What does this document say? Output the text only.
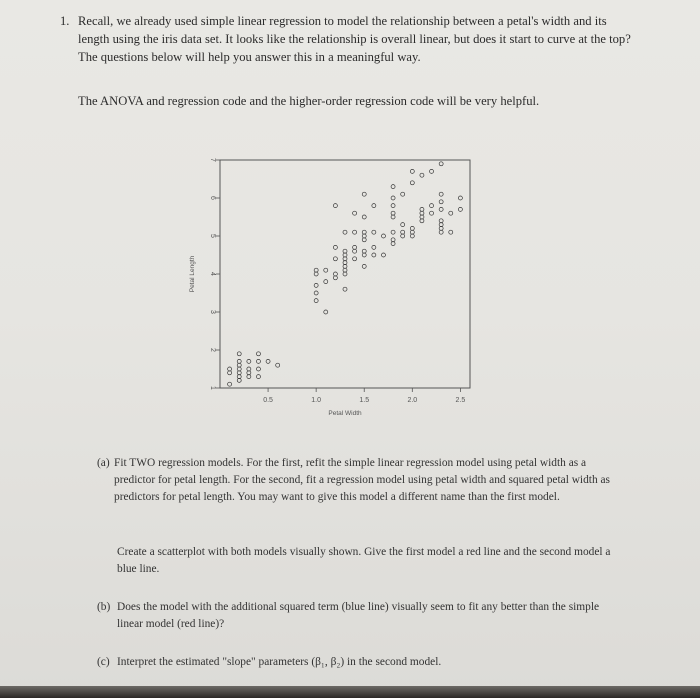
1. Recall, we already used simple linear regression to model the relationship between a petal's width and its length using the iris data set. It looks like the relationship is overall linear, but does it start to curve at the top? The questions below will help you answer this in a meaningful way.
The ANOVA and regression code and the higher-order regression code will be very helpful.
0.5	1.0	1.5	2.0	2.5
1
2
3
4
5
6
7
Petal Width
Petal Length
(a) Fit TWO regression models. For the first, refit the simple linear regression model using petal width as a predictor for petal length. For the second, fit a regression model using petal width and squared petal width as predictors for petal length. You may want to give this model a different name than the first model.
Create a scatterplot with both models visually shown. Give the first model a red line and the second model a blue line.
(b) Does the model with the additional squared term (blue line) visually seem to fit any better than the simple linear model (red line)?
(c) Interpret the estimated "slope" parameters (β₁, β₂) in the second model.
